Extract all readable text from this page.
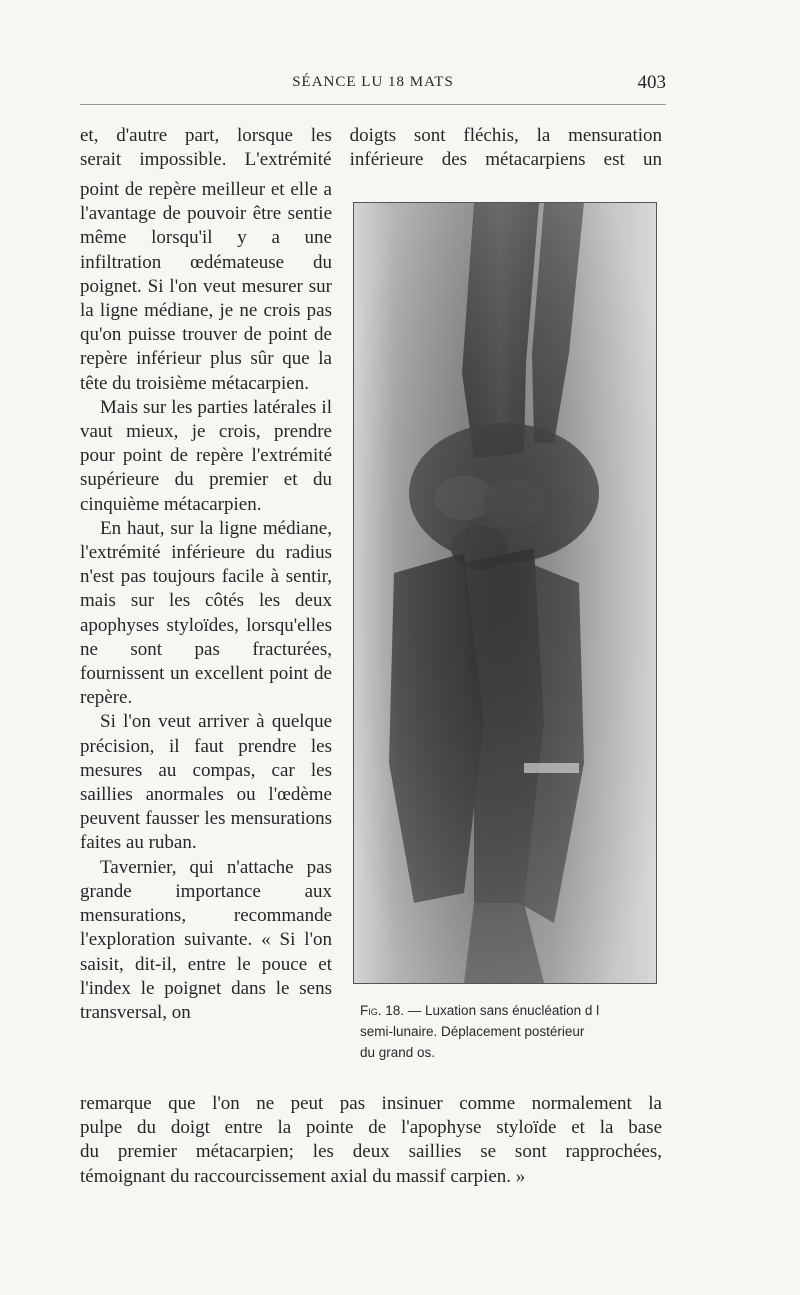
SÉANCE LU 18 MATS	403

et, d'autre part, lorsque les doigts sont fléchis, la mensuration
serait impossible. L'extrémité inférieure des métacarpiens est un

point de repère meilleur et elle a l'avantage de pouvoir être sentie même lorsqu'il y a une infiltration œdémateuse du poignet. Si l'on veut mesurer sur la ligne médiane, je ne crois pas qu'on puisse trouver de point de repère inférieur plus sûr que la tête du troisième métacarpien.

Mais sur les parties latérales il vaut mieux, je crois, prendre pour point de repère l'extrémité supérieure du premier et du cinquième métacarpien.

En haut, sur la ligne médiane, l'extrémité inférieure du radius n'est pas toujours facile à sentir, mais sur les côtés les deux apophyses styloïdes, lorsqu'elles ne sont pas fracturées, fournissent un excellent point de repère.

Si l'on veut arriver à quelque précision, il faut prendre les mesures au compas, car les saillies anormales ou l'œdème peuvent fausser les mensurations faites au ruban.

Tavernier, qui n'attache pas grande importance aux mensurations, recommande l'exploration suivante. « Si l'on saisit, dit-il, entre le pouce et l'index le poignet dans le sens transversal, on	Fig. 18. — Luxation sans énucléation d l
semi-lunaire. Déplacement postérieur
du grand os.

remarque que l'on ne peut pas insinuer comme normalement la
pulpe du doigt entre la pointe de l'apophyse styloïde et la base
du premier métacarpien; les deux saillies se sont rapprochées,
témoignant du raccourcissement axial du massif carpien. »
